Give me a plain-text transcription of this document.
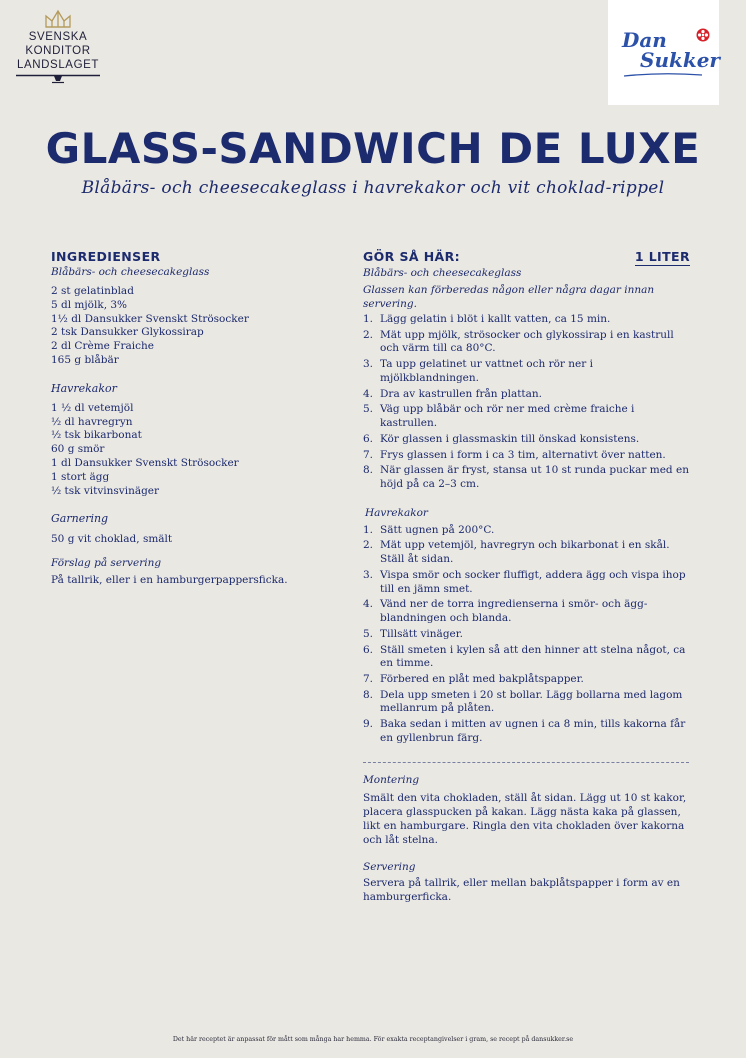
SVENSKA
KONDITOR
LANDSLAGET
Dan
Sukker
GLASS-SANDWICH DE LUXE
Blåbärs- och cheesecakeglass i havrekakor och vit choklad-rippel
INGREDIENSER

Blåbärs- och cheesecakeglass

2 st gelatinblad
5 dl mjölk, 3%
1½ dl Dansukker Svenskt Strösocker
2 tsk Dansukker Glykossirap
2 dl Crème Fraiche
165 g blåbär

Havrekakor

1 ½ dl vetemjöl
½ dl havregryn
½ tsk bikarbonat
60 g smör
1 dl Dansukker Svenskt Strösocker
1 stort ägg
½ tsk vitvinsvinäger

Garnering

50 g vit choklad, smält

Förslag på servering

På tallrik, eller i en hamburgerpappersficka.

GÖR SÅ HÄR:	1 LITER

Blåbärs- och cheesecakeglass

Glassen kan förberedas någon eller några dagar innan servering.

1. Lägg gelatin i blöt i kallt vatten, ca 15 min.
2. Mät upp mjölk, strösocker och glykossirap i en kastrull och värm till ca 80°C.
3. Ta upp gelatinet ur vattnet och rör ner i mjölkblandningen.
4. Dra av kastrullen från plattan.
5. Väg upp blåbär och rör ner med crème fraiche i kastrullen.
6. Kör glassen i glassmaskin till önskad konsistens.
7. Frys glassen i form i ca 3 tim, alternativt över natten.
8. När glassen är fryst, stansa ut 10 st runda puckar med en höjd på ca 2–3 cm.

Havrekakor

1. Sätt ugnen på 200°C.
2. Mät upp vetemjöl, havregryn och bikarbonat i en skål. Ställ åt sidan.
3. Vispa smör och socker fluffigt, addera ägg och vispa ihop till en jämn smet.
4. Vänd ner de torra ingredienserna i smör- och ägg-blandningen och blanda.
5. Tillsätt vinäger.
6. Ställ smeten i kylen så att den hinner att stelna något, ca en timme.
7. Förbered en plåt med bakplåtspapper.
8. Dela upp smeten i 20 st bollar. Lägg bollarna med lagom mellanrum på plåten.
9. Baka sedan i mitten av ugnen i ca 8 min, tills kakorna får en gyllenbrun färg.

Montering

Smält den vita chokladen, ställ åt sidan. Lägg ut 10 st kakor, placera glasspucken på kakan. Lägg nästa kaka på glassen, likt en hamburgare. Ringla den vita chokladen över kakorna och låt stelna.

Servering

Servera på tallrik, eller mellan bakplåtspapper i form av en hamburgerficka.

Det här receptet är anpassat för mått som många har hemma. För exakta receptangivelser i gram, se recept på dansukker.se
